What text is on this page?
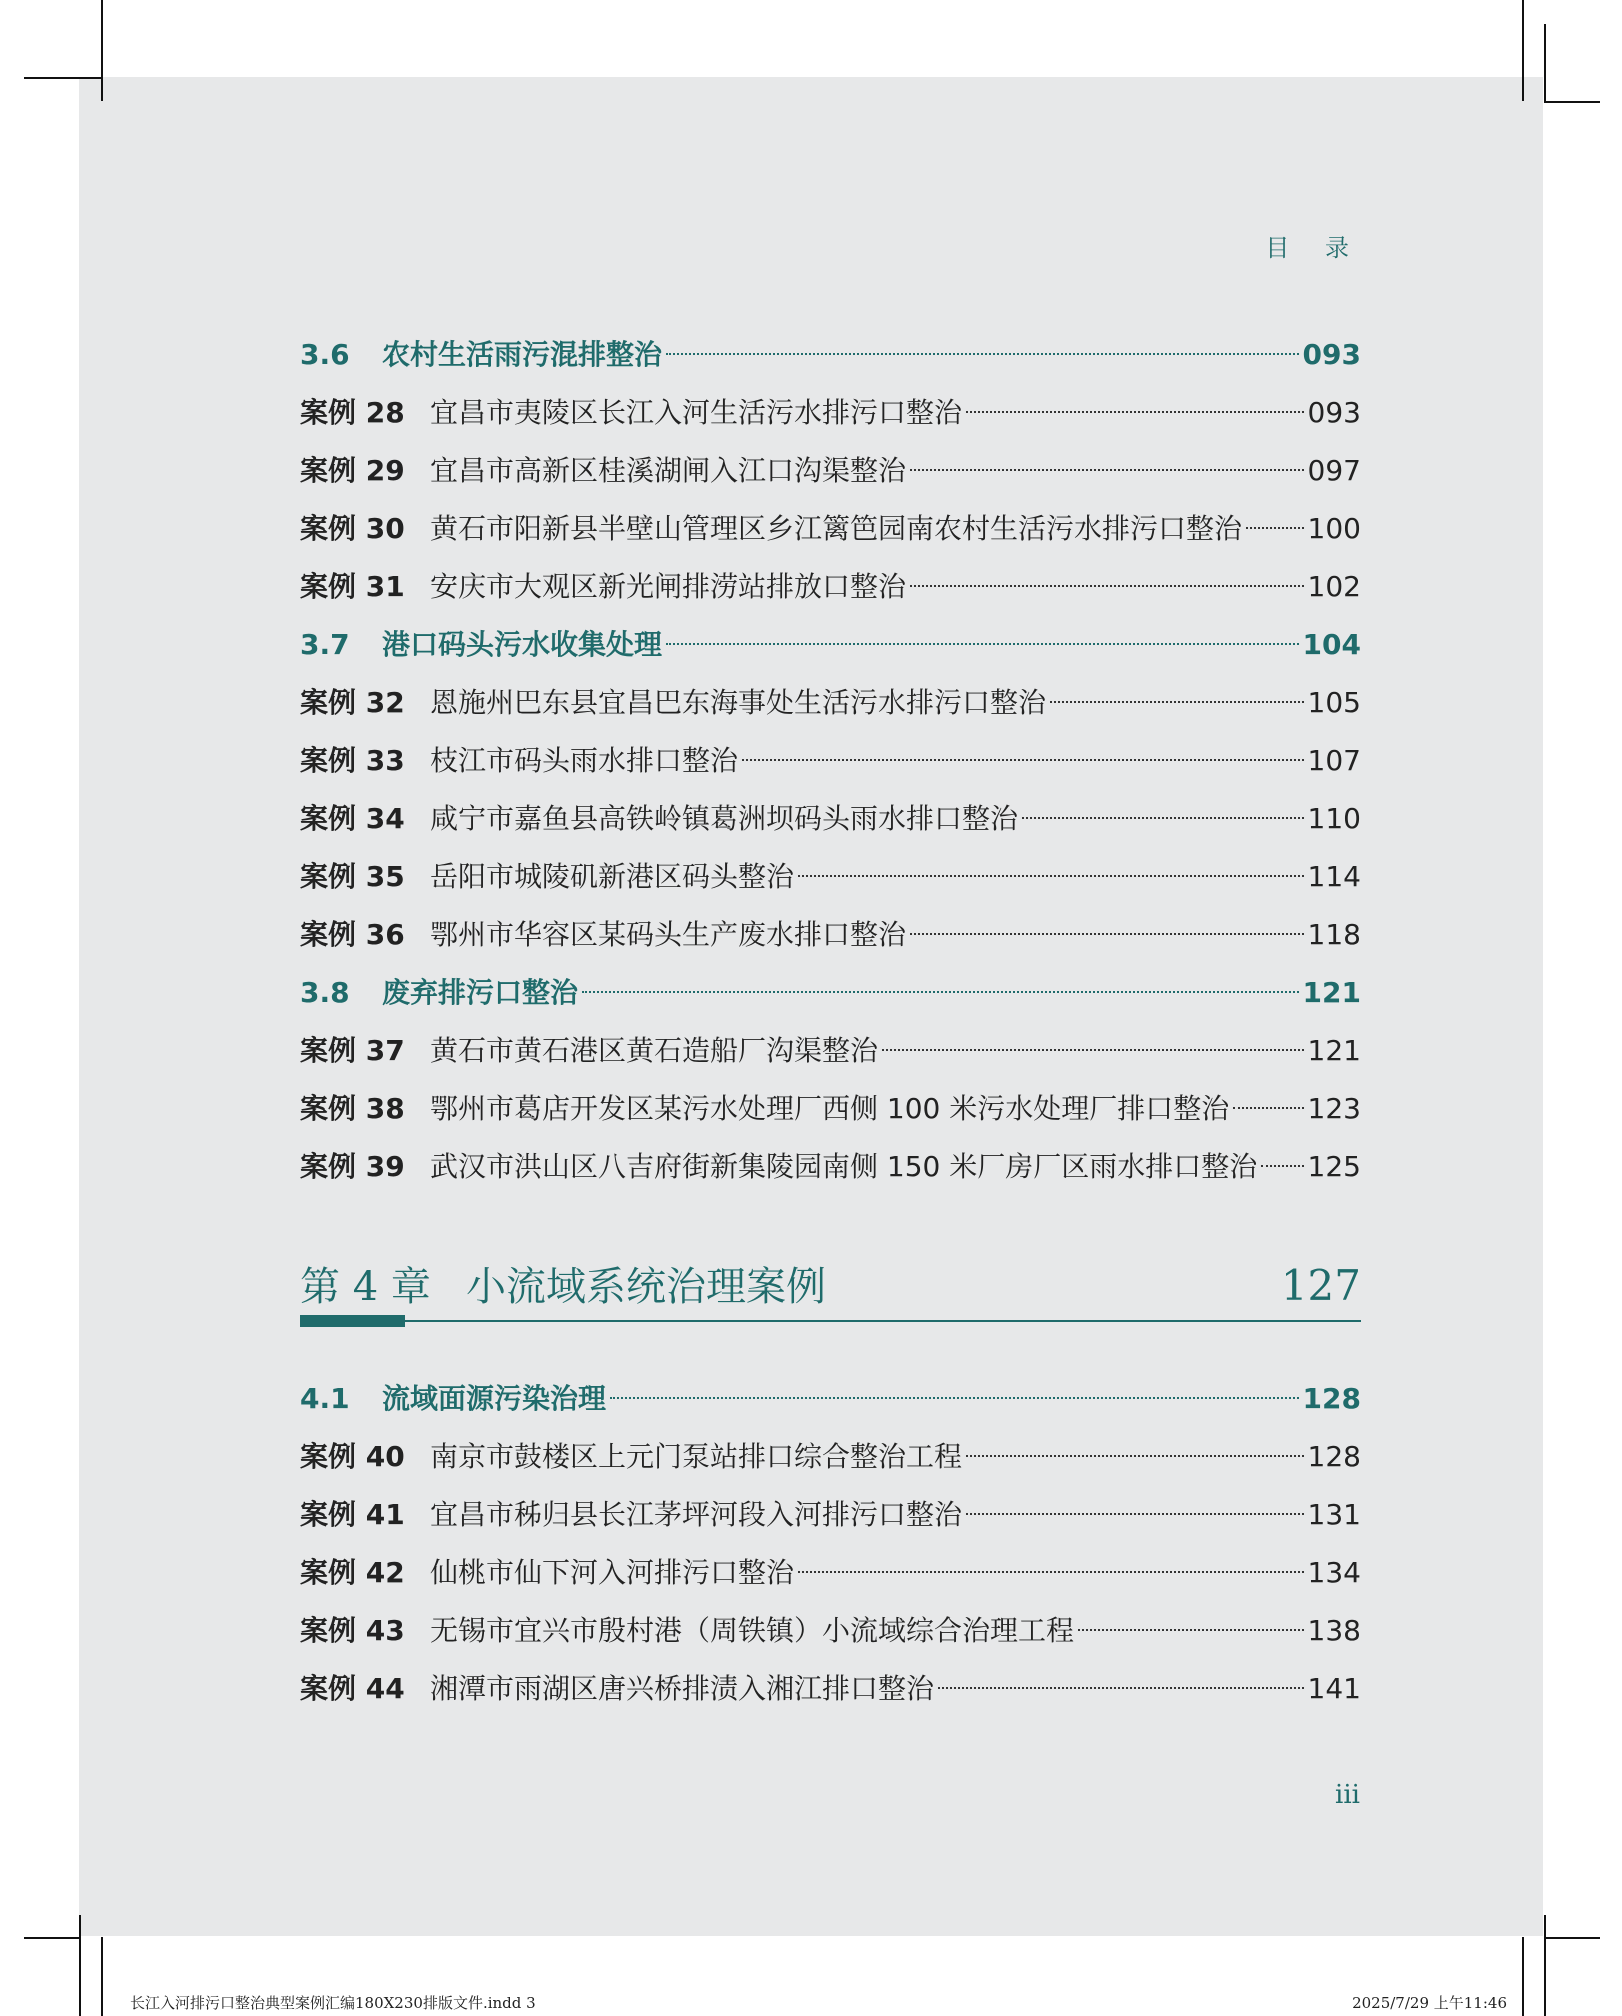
目 录
3.6	农村生活雨污混排整治	093
案例 28 宜昌市夷陵区长江入河生活污水排污口整治	093
案例 29 宜昌市高新区桂溪湖闸入江口沟渠整治	097
案例 30 黄石市阳新县半壁山管理区乡江篱笆园南农村生活污水排污口整治 100
案例 31 安庆市大观区新光闸排涝站排放口整治	102
3.7	港口码头污水收集处理	104
案例 32 恩施州巴东县宜昌巴东海事处生活污水排污口整治	105
案例 33 枝江市码头雨水排口整治	107
案例 34 咸宁市嘉鱼县高铁岭镇葛洲坝码头雨水排口整治	110
案例 35 岳阳市城陵矶新港区码头整治	114
案例 36 鄂州市华容区某码头生产废水排口整治	118
3.8	废弃排污口整治	121
案例 37 黄石市黄石港区黄石造船厂沟渠整治	121
案例 38 鄂州市葛店开发区某污水处理厂西侧 100 米污水处理厂排口整治	123
案例 39 武汉市洪山区八吉府街新集陵园南侧 150 米厂房厂区雨水排口整治 125
第 4 章 小流域系统治理案例	127
4.1	流域面源污染治理	128
案例 40 南京市鼓楼区上元门泵站排口综合整治工程	128
案例 41 宜昌市秭归县长江茅坪河段入河排污口整治	131
案例 42 仙桃市仙下河入河排污口整治	134
案例 43 无锡市宜兴市殷村港（周铁镇）小流域综合治理工程	138
案例 44 湘潭市雨湖区唐兴桥排渍入湘江排口整治	141
iii
长江入河排污口整治典型案例汇编180X230排版文件.indd 3	2025/7/29 上午11:46
